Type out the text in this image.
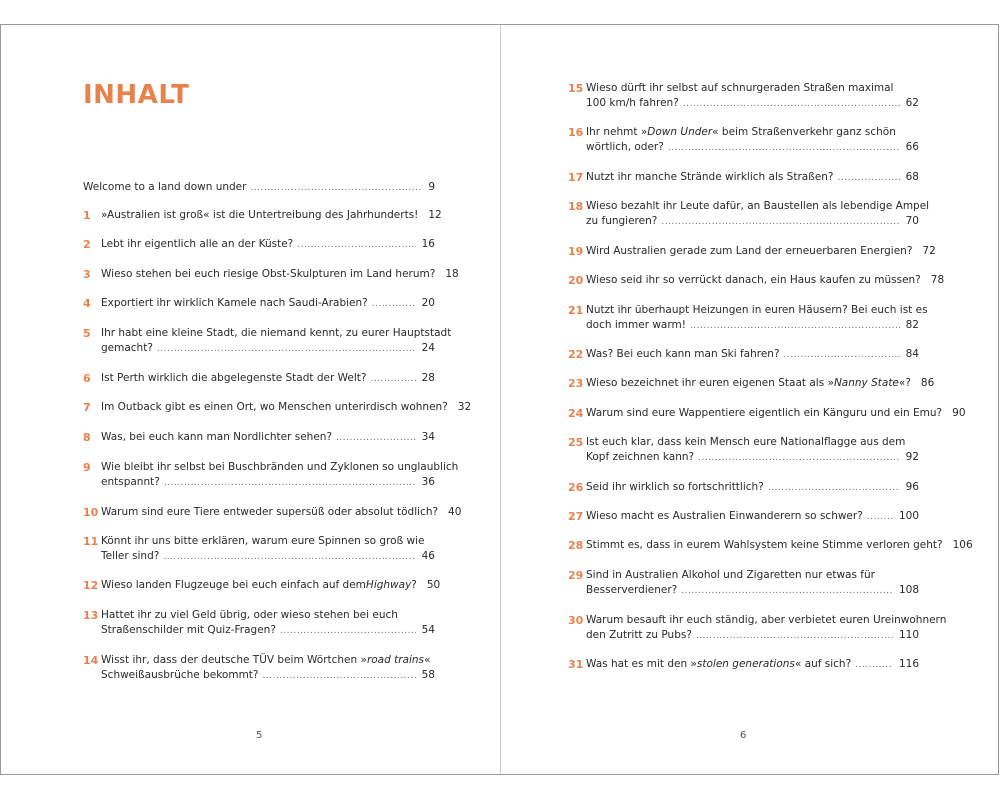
INHALT
5
Welcome to a land down under .....	9
1 »Australien ist groß« ist die Untertreibung des Jahrhunderts! 12
2 Lebt ihr eigentlich alle an der Küste? .....	16
3 Wieso stehen bei euch riesige Obst-Skulpturen im Land herum? 18
4 Exportiert ihr wirklich Kamele nach Saudi-Arabien? .....	20
5 Ihr habt eine kleine Stadt, die niemand kennt, zu eurer Hauptstadt
gemacht? .....	24
6 Ist Perth wirklich die abgelegenste Stadt der Welt? .....	28
7 Im Outback gibt es einen Ort, wo Menschen unterirdisch wohnen? 32
8 Was, bei euch kann man Nordlichter sehen? .....	34
9 Wie bleibt ihr selbst bei Buschbränden und Zyklonen so unglaublich
entspannt? .....	36
10 Warum sind eure Tiere entweder supersüß oder absolut tödlich? 40
11 Könnt ihr uns bitte erklären, warum eure Spinnen so groß wie
Teller sind? .....	46
12 Wieso landen Flugzeuge bei euch einfach auf dem Highway ? 50
13 Hattet ihr zu viel Geld übrig, oder wieso stehen bei euch
Straßenschilder mit Quiz-Fragen? .....	54
14 Wisst ihr, dass der deutsche TÜV beim Wörtchen » road trains «
Schweißausbrüche bekommt? .....	58
6
15 Wieso dürft ihr selbst auf schnurgeraden Straßen maximal
100 km/h fahren? .....	62
16 Ihr nehmt » Down Under « beim Straßenverkehr ganz schön
wörtlich, oder? .....	66
17 Nutzt ihr manche Strände wirklich als Straßen? .....	68
18 Wieso bezahlt ihr Leute dafür, an Baustellen als lebendige Ampel
zu fungieren? .....	70
19 Wird Australien gerade zum Land der erneuerbaren Energien? 72
20 Wieso seid ihr so verrückt danach, ein Haus kaufen zu müssen? 78
21 Nutzt ihr überhaupt Heizungen in euren Häusern? Bei euch ist es
doch immer warm! .....	82
22 Was? Bei euch kann man Ski fahren? .....	84
23 Wieso bezeichnet ihr euren eigenen Staat als » Nanny State «? 86
24 Warum sind eure Wappentiere eigentlich ein Känguru und ein Emu? 90
25 Ist euch klar, dass kein Mensch eure Nationalflagge aus dem
Kopf zeichnen kann? .....	92
26 Seid ihr wirklich so fortschrittlich? .....	96
27 Wieso macht es Australien Einwanderern so schwer? .....	100
28 Stimmt es, dass in eurem Wahlsystem keine Stimme verloren geht? 106
29 Sind in Australien Alkohol und Zigaretten nur etwas für
Besserverdiener? .....	108
30 Warum besauft ihr euch ständig, aber verbietet euren Ureinwohnern
den Zutritt zu Pubs? .....	110
31 Was hat es mit den » stolen generations « auf sich? .....	116
